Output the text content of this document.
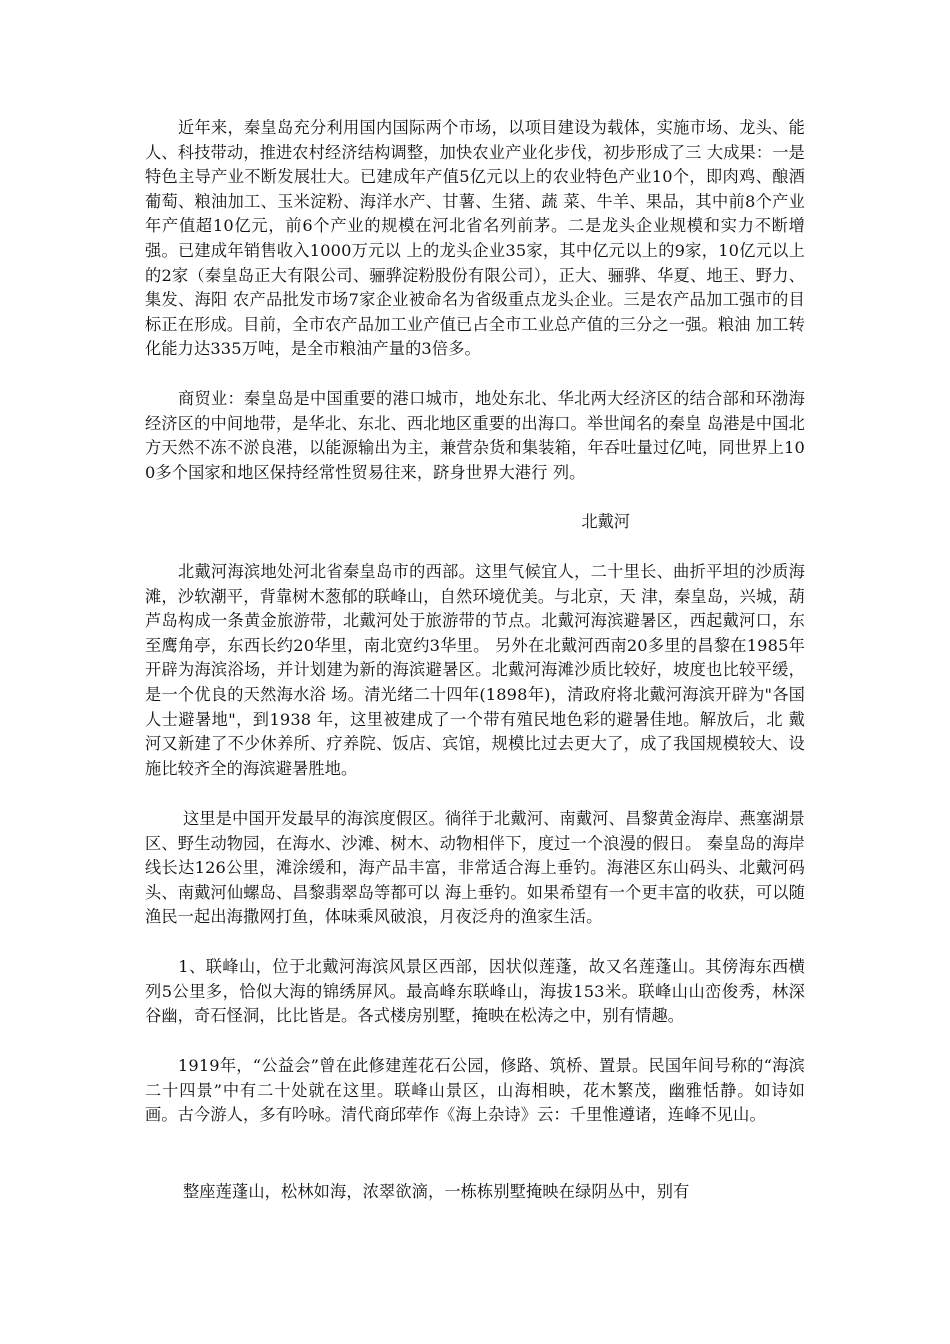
　　近年来，秦皇岛充分利用国内国际两个市场，以项目建设为载体，实施市场、龙头、能人、科技带动，推进农村经济结构调整，加快农业产业化步伐，初步形成了三 大成果：一是特色主导产业不断发展壮大。已建成年产值5亿元以上的农业特色产业10个，即肉鸡、酿酒葡萄、粮油加工、玉米淀粉、海洋水产、甘薯、生猪、蔬 菜、牛羊、果品，其中前8个产业年产值超10亿元，前6个产业的规模在河北省名列前茅。二是龙头企业规模和实力不断增强。已建成年销售收入1000万元以 上的龙头企业35家，其中亿元以上的9家，10亿元以上的2家（秦皇岛正大有限公司、骊骅淀粉股份有限公司），正大、骊骅、华夏、地王、野力、集发、海阳 农产品批发市场7家企业被命名为省级重点龙头企业。三是农产品加工强市的目标正在形成。目前，全市农产品加工业产值已占全市工业总产值的三分之一强。粮油 加工转化能力达335万吨，是全市粮油产量的3倍多。

　　商贸业：秦皇岛是中国重要的港口城市，地处东北、华北两大经济区的结合部和环渤海经济区的中间地带，是华北、东北、西北地区重要的出海口。举世闻名的秦皇 岛港是中国北方天然不冻不淤良港，以能源输出为主，兼营杂货和集装箱，年吞吐量过亿吨，同世界上100多个国家和地区保持经常性贸易往来，跻身世界大港行 列。

北戴河

　　北戴河海滨地处河北省秦皇岛市的西部。这里气候宜人，二十里长、曲折平坦的沙质海滩，沙软潮平，背靠树木葱郁的联峰山，自然环境优美。与北京，天 津，秦皇岛，兴城，葫芦岛构成一条黄金旅游带，北戴河处于旅游带的节点。北戴河海滨避暑区，西起戴河口，东至鹰角亭，东西长约20华里，南北宽约3华里。 另外在北戴河西南20多里的昌黎在1985年开辟为海滨浴场，并计划建为新的海滨避暑区。北戴河海滩沙质比较好，坡度也比较平缓，是一个优良的天然海水浴 场。清光绪二十四年(1898年)，清政府将北戴河海滨开辟为"各国人士避暑地"，到1938 年，这里被建成了一个带有殖民地色彩的避暑佳地。解放后，北 戴河又新建了不少休养所、疗养院、饭店、宾馆，规模比过去更大了，成了我国规模较大、设施比较齐全的海滨避暑胜地。

　　 这里是中国开发最早的海滨度假区。徜徉于北戴河、南戴河、昌黎黄金海岸、燕塞湖景区、野生动物园，在海水、沙滩、树木、动物相伴下，度过一个浪漫的假日。 秦皇岛的海岸线长达126公里，滩涂缓和，海产品丰富，非常适合海上垂钓。海港区东山码头、北戴河码头、南戴河仙螺岛、昌黎翡翠岛等都可以 海上垂钓。如果希望有一个更丰富的收获，可以随渔民一起出海撒网打鱼，体味乘风破浪，月夜泛舟的渔家生活。

　　1、联峰山，位于北戴河海滨风景区西部，因状似莲蓬，故又名莲蓬山。其傍海东西横列5公里多，恰似大海的锦绣屏风。最高峰东联峰山，海拔153米。联峰山山峦俊秀，林深谷幽，奇石怪洞，比比皆是。各式楼房别墅，掩映在松涛之中，别有情趣。

　　1919年，“公益会”曾在此修建莲花石公园，修路、筑桥、置景。民国年间号称的“海滨二十四景”中有二十处就在这里。联峰山景区，山海相映，花木繁茂，幽雅恬静。如诗如画。古今游人，多有吟咏。清代商邱荦作《海上杂诗》云：千里惟遵诸，连峰不见山。

　　 整座莲蓬山，松林如海，浓翠欲滴，一栋栋别墅掩映在绿阴丛中，别有
